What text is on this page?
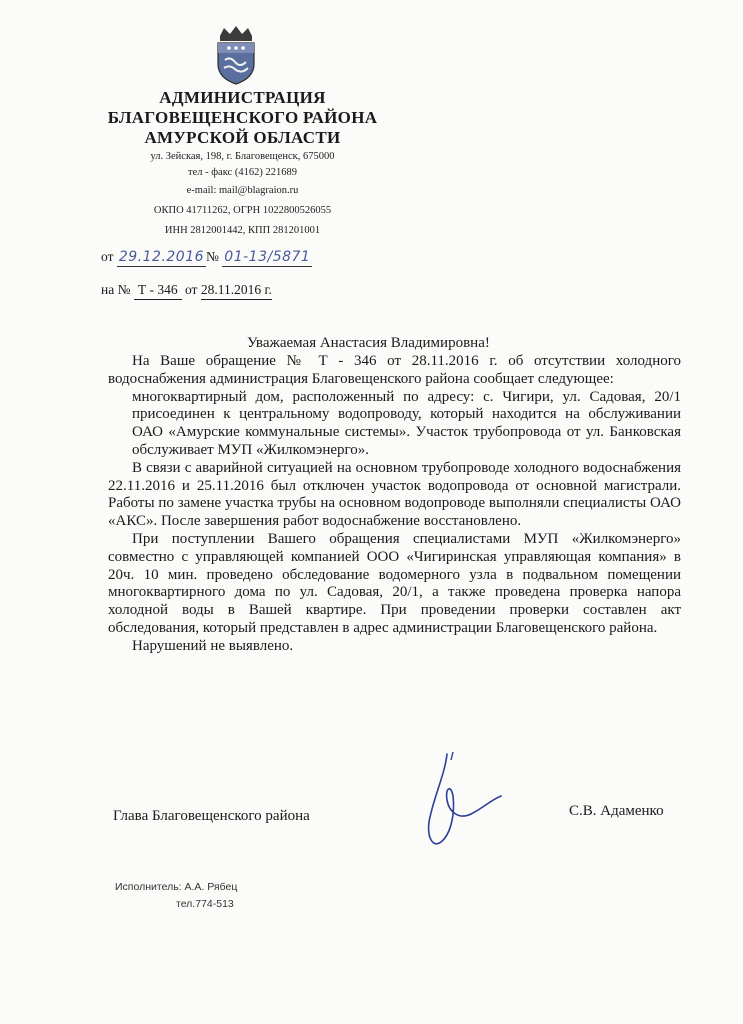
АДМИНИСТРАЦИЯ
БЛАГОВЕЩЕНСКОГО РАЙОНА
АМУРСКОЙ ОБЛАСТИ
ул. Зейская, 198, г. Благовещенск, 675000
тел - факс (4162) 221689
e-mail: mail@blagraion.ru
ОКПО 41711262, ОГРН 1022800526055
ИНН 2812001442, КПП 281201001
от 29.12.2016 № 01-13/5871
на № Т - 346 от 28.11.2016 г.
Уважаемая Анастасия Владимировна!

На Ваше обращение № Т - 346 от 28.11.2016 г. об отсутствии холодного водоснабжения администрация Благовещенского района сообщает следующее:

многоквартирный дом, расположенный по адресу: с. Чигири, ул. Садовая, 20/1 присоединен к центральному водопроводу, который находится на обслуживании ОАО «Амурские коммунальные системы». Участок трубопровода от ул. Банковская обслуживает МУП «Жилкомэнерго».

В связи с аварийной ситуацией на основном трубопроводе холодного водоснабжения 22.11.2016 и 25.11.2016 был отключен участок водопровода от основной магистрали. Работы по замене участка трубы на основном водопроводе выполняли специалисты ОАО «АКС». После завершения работ водоснабжение восстановлено.

При поступлении Вашего обращения специалистами МУП «Жилкомэнерго» совместно с управляющей компанией ООО «Чигиринская управляющая компания» в 20ч. 10 мин. проведено обследование водомерного узла в подвальном помещении многоквартирного дома по ул. Садовая, 20/1, а также проведена проверка напора холодной воды в Вашей квартире. При проведении проверки составлен акт обследования, который представлен в адрес администрации Благовещенского района.

Нарушений не выявлено.

Глава Благовещенского района	С.В. Адаменко
Исполнитель: А.А. Рябец
тел.774-513
